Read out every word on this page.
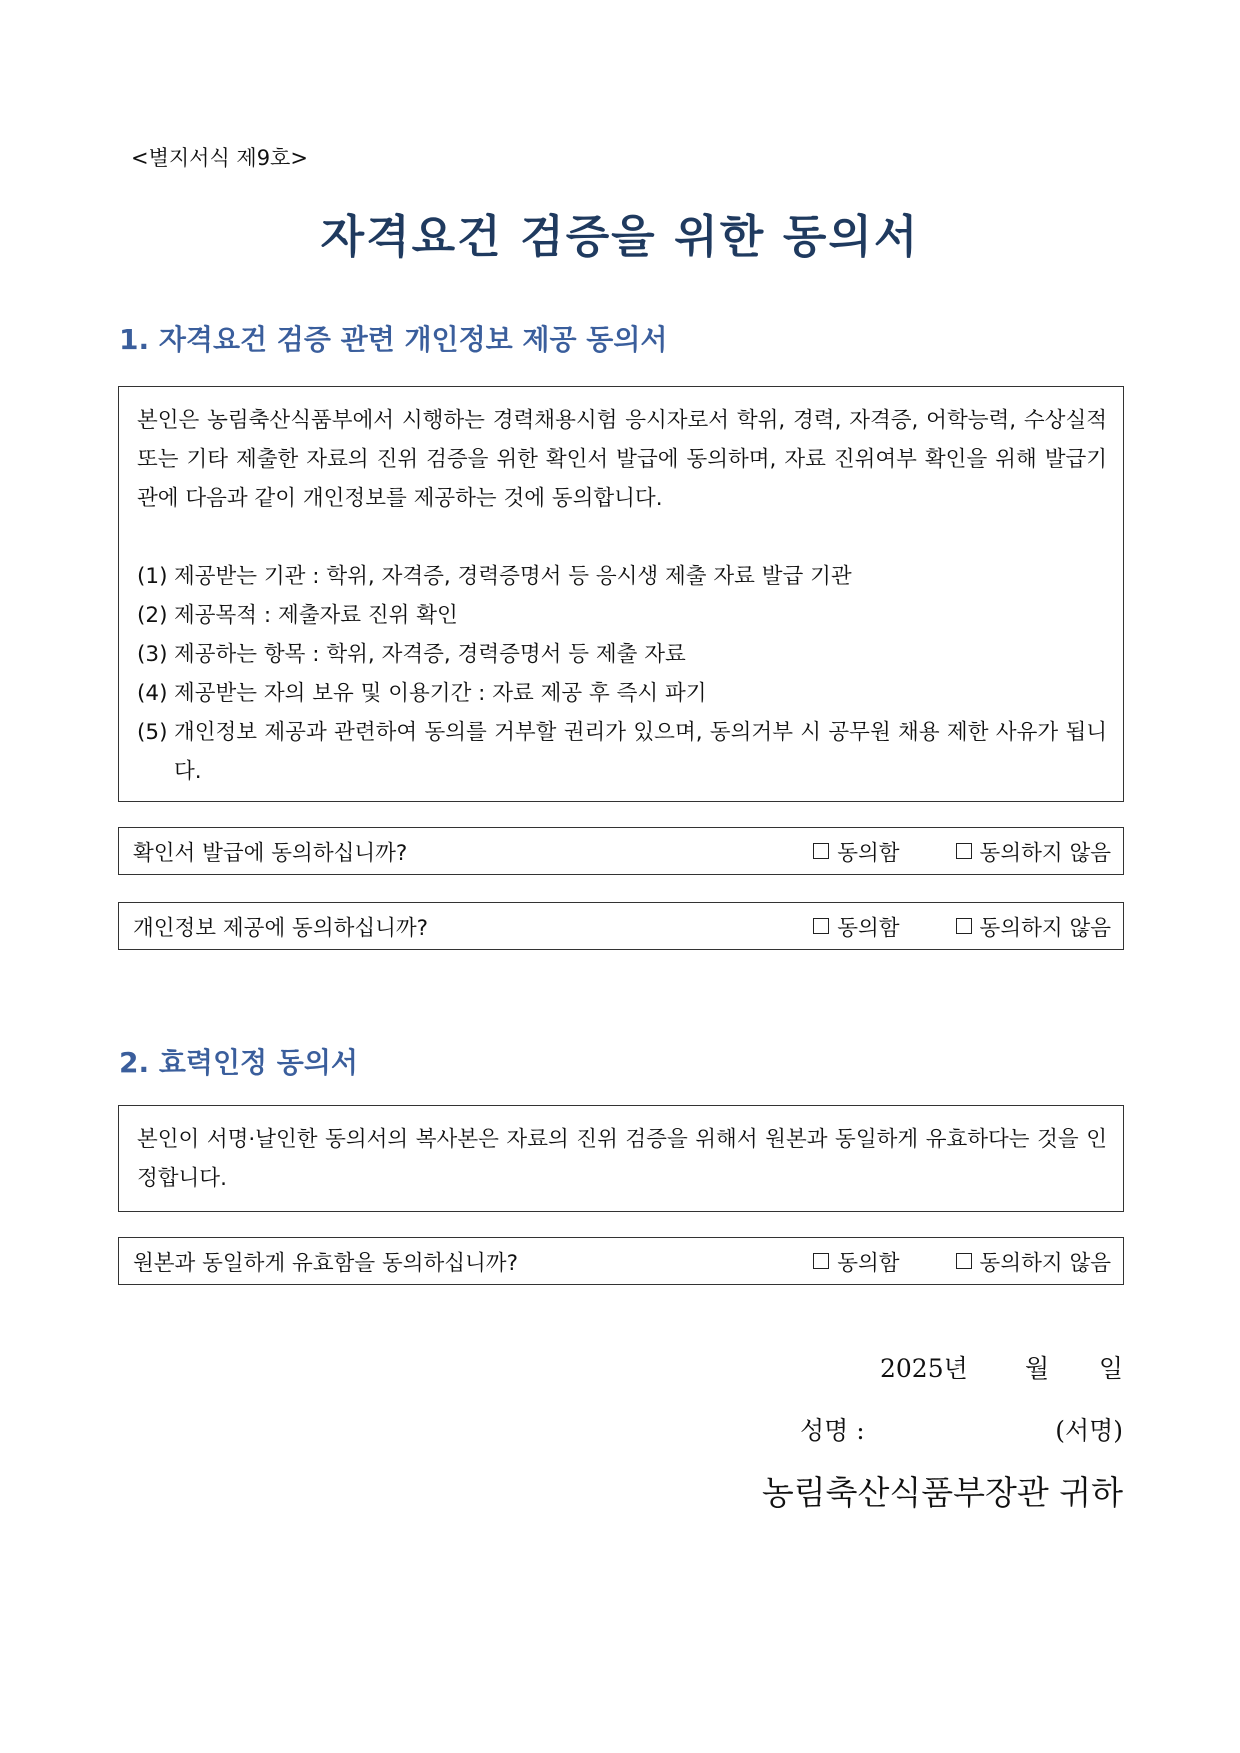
<별지서식 제9호>
자격요건 검증을 위한 동의서
1. 자격요건 검증 관련 개인정보 제공 동의서
본인은 농림축산식품부에서 시행하는 경력채용시험 응시자로서 학위, 경력, 자격증, 어학능력, 수상실적 또는 기타 제출한 자료의 진위 검증을 위한 확인서 발급에 동의하며, 자료 진위여부 확인을 위해 발급기관에 다음과 같이 개인정보를 제공하는 것에 동의합니다.
(1) 제공받는 기관 : 학위, 자격증, 경력증명서 등 응시생 제출 자료 발급 기관
(2) 제공목적 : 제출자료 진위 확인
(3) 제공하는 항목 : 학위, 자격증, 경력증명서 등 제출 자료
(4) 제공받는 자의 보유 및 이용기간 : 자료 제공 후 즉시 파기
(5) 개인정보 제공과 관련하여 동의를 거부할 권리가 있으며, 동의거부 시 공무원 채용 제한 사유가 됩니다.
확인서 발급에 동의하십니까?	동의함	동의하지 않음
개인정보 제공에 동의하십니까?	동의함	동의하지 않음
2. 효력인정 동의서
본인이 서명·날인한 동의서의 복사본은 자료의 진위 검증을 위해서 원본과 동일하게 유효하다는 것을 인정합니다.
원본과 동일하게 유효함을 동의하십니까?	동의함	동의하지 않음
2025년 월 일
성명 :	(서명)
농림축산식품부장관 귀하
